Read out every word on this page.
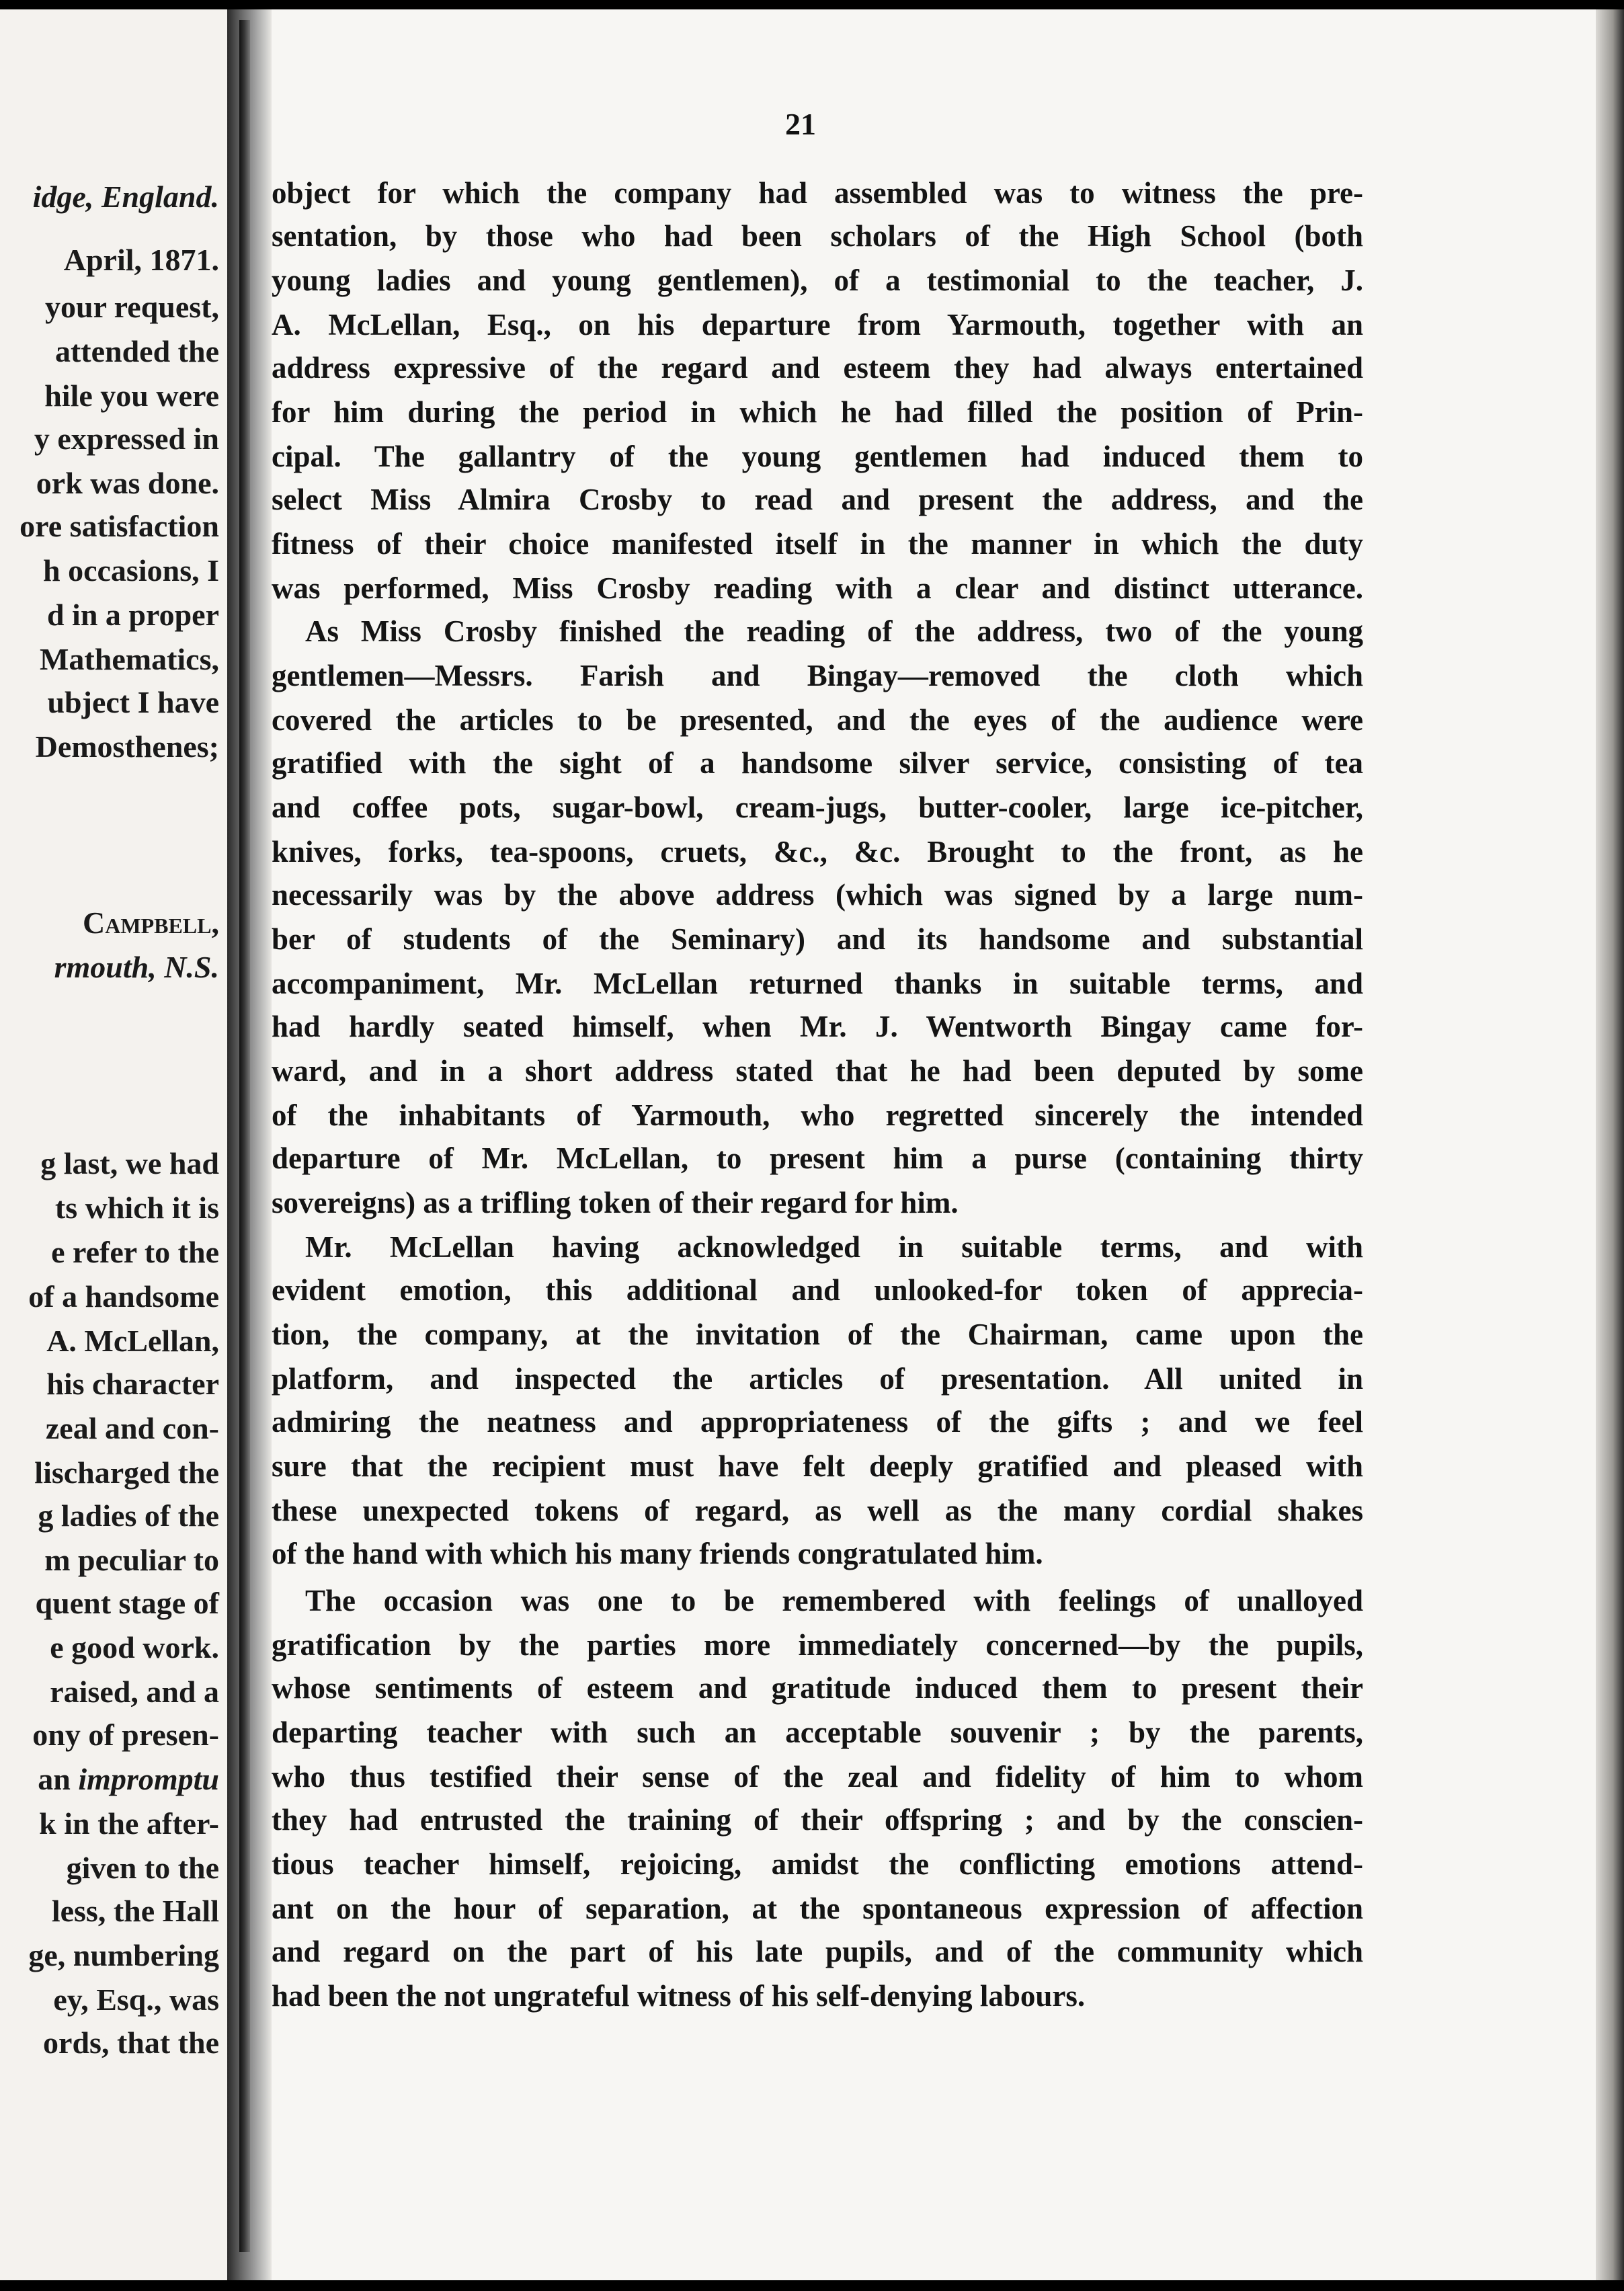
idge, England.
April, 1871.
your request,
attended the
hile you were
y expressed in
ork was done.
ore satisfaction
h occasions, I
d in a proper
Mathematics,
ubject I have
Demosthenes;
Campbell,
rmouth, N.S.
g last, we had
ts which it is
e refer to the
of a handsome
A. McLellan,
his character
zeal and con-
lischarged the
g ladies of the
m peculiar to
quent stage of
e good work.
raised, and a
ony of presen-
an impromptu
k in the after-
given to the
less, the Hall
ge, numbering
ey, Esq., was
ords, that the
21
object for which the company had assembled was to witness the pre-
sentation, by those who had been scholars of the High School (both
young ladies and young gentlemen), of a testimonial to the teacher, J.
A. McLellan, Esq., on his departure from Yarmouth, together with an
address expressive of the regard and esteem they had always entertained
for him during the period in which he had filled the position of Prin-
cipal. The gallantry of the young gentlemen had induced them to
select Miss Almira Crosby to read and present the address, and the
fitness of their choice manifested itself in the manner in which the duty
was performed, Miss Crosby reading with a clear and distinct utterance.
As Miss Crosby finished the reading of the address, two of the young
gentlemen—Messrs. Farish and Bingay—removed the cloth which
covered the articles to be presented, and the eyes of the audience were
gratified with the sight of a handsome silver service, consisting of tea
and coffee pots, sugar-bowl, cream-jugs, butter-cooler, large ice-pitcher,
knives, forks, tea-spoons, cruets, &c., &c. Brought to the front, as he
necessarily was by the above address (which was signed by a large num-
ber of students of the Seminary) and its handsome and substantial
accompaniment, Mr. McLellan returned thanks in suitable terms, and
had hardly seated himself, when Mr. J. Wentworth Bingay came for-
ward, and in a short address stated that he had been deputed by some
of the inhabitants of Yarmouth, who regretted sincerely the intended
departure of Mr. McLellan, to present him a purse (containing thirty
sovereigns) as a trifling token of their regard for him.
Mr. McLellan having acknowledged in suitable terms, and with
evident emotion, this additional and unlooked-for token of apprecia-
tion, the company, at the invitation of the Chairman, came upon the
platform, and inspected the articles of presentation. All united in
admiring the neatness and appropriateness of the gifts ; and we feel
sure that the recipient must have felt deeply gratified and pleased with
these unexpected tokens of regard, as well as the many cordial shakes
of the hand with which his many friends congratulated him.
The occasion was one to be remembered with feelings of unalloyed
gratification by the parties more immediately concerned—by the pupils,
whose sentiments of esteem and gratitude induced them to present their
departing teacher with such an acceptable souvenir ; by the parents,
who thus testified their sense of the zeal and fidelity of him to whom
they had entrusted the training of their offspring ; and by the conscien-
tious teacher himself, rejoicing, amidst the conflicting emotions attend-
ant on the hour of separation, at the spontaneous expression of affection
and regard on the part of his late pupils, and of the community which
had been the not ungrateful witness of his self-denying labours.
